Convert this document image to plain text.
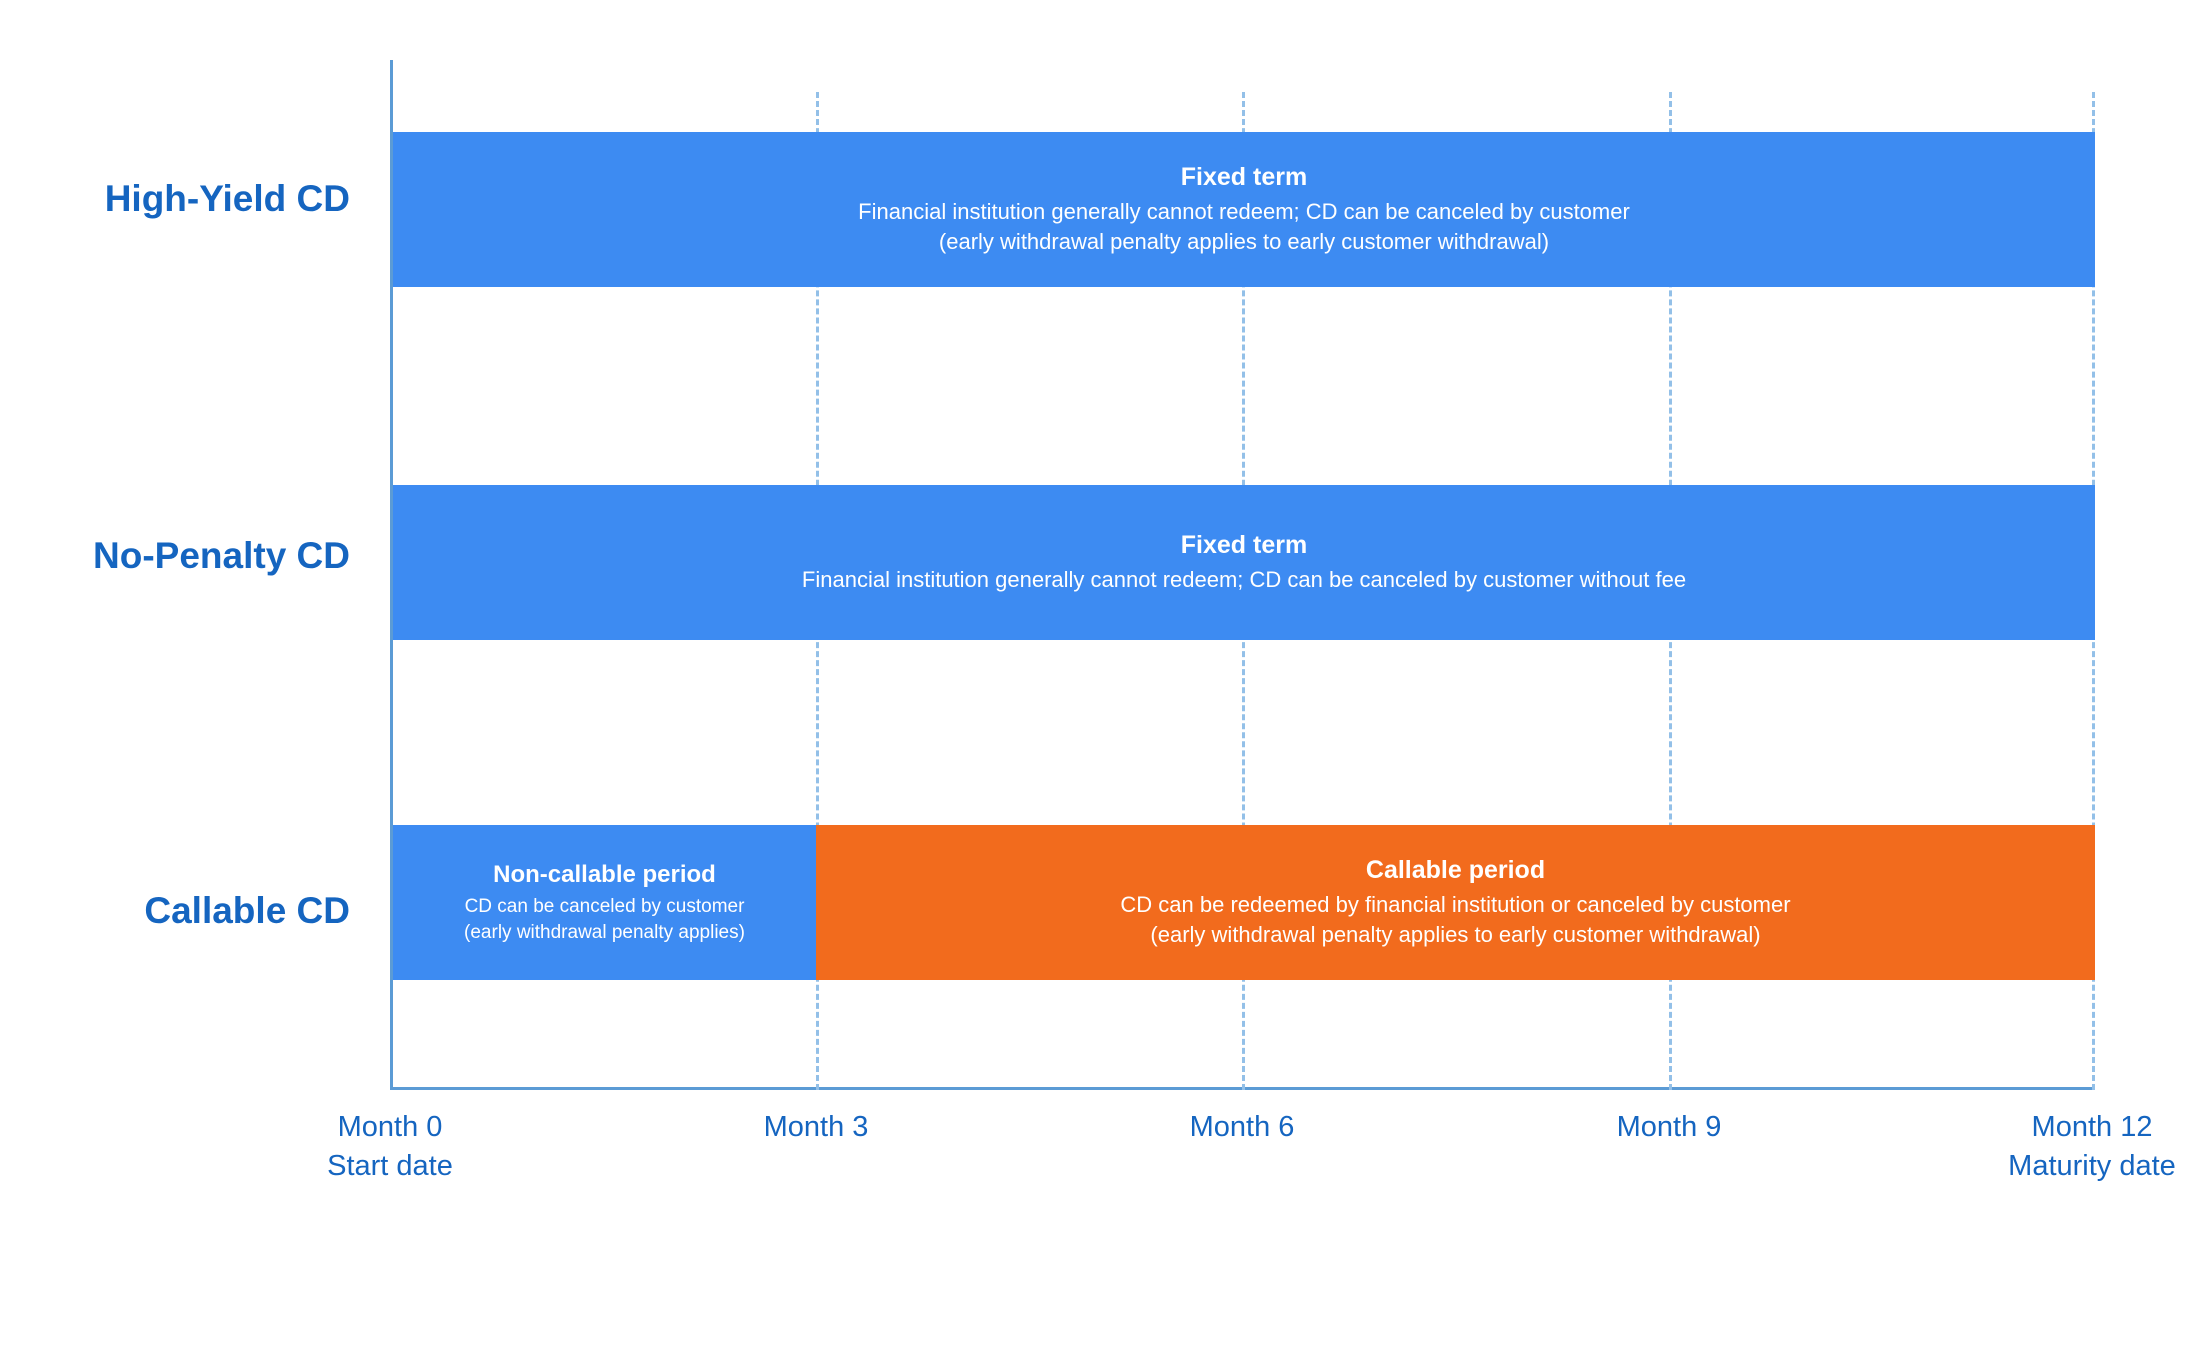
High-Yield CD
No-Penalty CD
Callable CD
Fixed term
Financial institution generally cannot redeem; CD can be canceled by customer
(early withdrawal penalty applies to early customer withdrawal)
Fixed term
Financial institution generally cannot redeem; CD can be canceled by customer without fee
Non-callable period
CD can be canceled by customer
(early withdrawal penalty applies)
Callable period
CD can be redeemed by financial institution or canceled by customer
(early withdrawal penalty applies to early customer withdrawal)
Month 0
Start date
Month 3	Month 6	Month 9	Month 12
Maturity date
